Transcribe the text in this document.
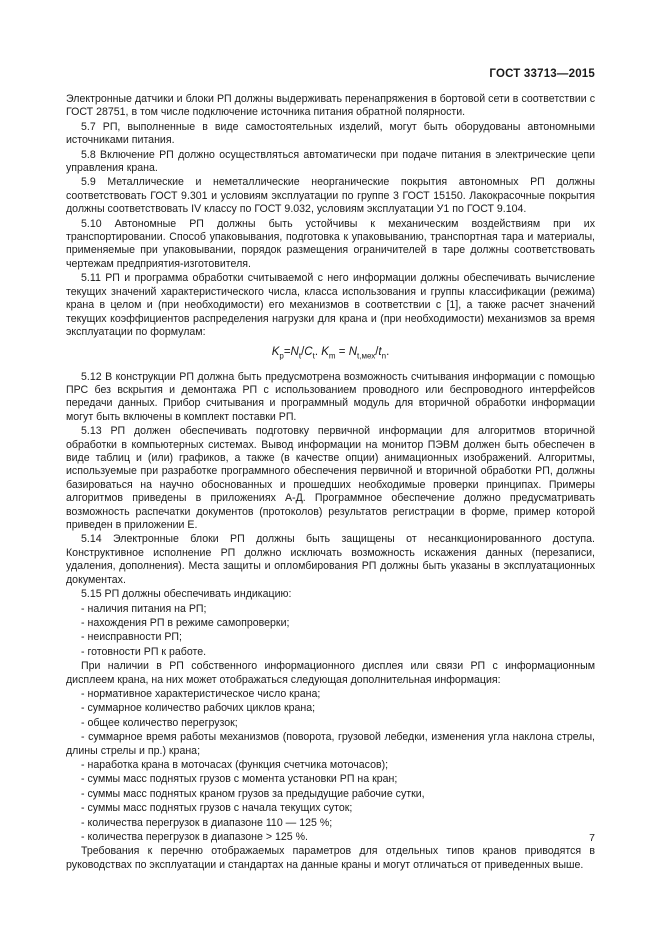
ГОСТ 33713—2015

Электронные датчики и блоки РП должны выдерживать перенапряжения в бортовой сети в соответствии с ГОСТ 28751, в том числе подключение источника питания обратной полярности.

5.7 РП, выполненные в виде самостоятельных изделий, могут быть оборудованы автономными источниками питания.

5.8 Включение РП должно осуществляться автоматически при подаче питания в электрические цепи управления крана.

5.9 Металлические и неметаллические неорганические покрытия автономных РП должны соответствовать ГОСТ 9.301 и условиям эксплуатации по группе 3 ГОСТ 15150. Лакокрасочные покрытия должны соответствовать IV классу по ГОСТ 9.032, условиям эксплуатации У1 по ГОСТ 9.104.

5.10 Автономные РП должны быть устойчивы к механическим воздействиям при их транспортировании. Способ упаковывания, подготовка к упаковыванию, транспортная тара и материалы, применяемые при упаковывании, порядок размещения ограничителей в таре должны соответствовать чертежам предприятия-изготовителя.

5.11 РП и программа обработки считываемой с него информации должны обеспечивать вычисление текущих значений характеристического числа, класса использования и группы классификации (режима) крана в целом и (при необходимости) его механизмов в соответствии с [1], а также расчет значений текущих коэффициентов распределения нагрузки для крана и (при необходимости) механизмов за время эксплуатации по формулам:

$K_p=N_t/C_t$. $K_m = N_{t,мех}/t_n$.

5.12 В конструкции РП должна быть предусмотрена возможность считывания информации с помощью ПРС без вскрытия и демонтажа РП с использованием проводного или беспроводного интерфейсов передачи данных. Прибор считывания и программный модуль для вторичной обработки информации могут быть включены в комплект поставки РП.

5.13 РП должен обеспечивать подготовку первичной информации для алгоритмов вторичной обработки в компьютерных системах. Вывод информации на монитор ПЭВМ должен быть обеспечен в виде таблиц и (или) графиков, а также (в качестве опции) анимационных изображений. Алгоритмы, используемые при разработке программного обеспечения первичной и вторичной обработки РП, должны базироваться на научно обоснованных и прошедших необходимые проверки принципах. Примеры алгоритмов приведены в приложениях А-Д. Программное обеспечение должно предусматривать возможность распечатки документов (протоколов) результатов регистрации в форме, пример которой приведен в приложении Е.

5.14 Электронные блоки РП должны быть защищены от несанкционированного доступа. Конструктивное исполнение РП должно исключать возможность искажения данных (перезаписи, удаления, дополнения). Места защиты и опломбирования РП должны быть указаны в эксплуатационных документах.

5.15 РП должны обеспечивать индикацию:

- наличия питания на РП;

- нахождения РП в режиме самопроверки;

- неисправности РП;

- готовности РП к работе.

При наличии в РП собственного информационного дисплея или связи РП с информационным дисплеем крана, на них может отображаться следующая дополнительная информация:

- нормативное характеристическое число крана;

- суммарное количество рабочих циклов крана;

- общее количество перегрузок;

- суммарное время работы механизмов (поворота, грузовой лебедки, изменения угла наклона стрелы, длины стрелы и пр.) крана;

- наработка крана в моточасах (функция счетчика моточасов);

- суммы масс поднятых грузов с момента установки РП на кран;

- суммы масс поднятых краном грузов за предыдущие рабочие сутки,

- суммы масс поднятых грузов с начала текущих суток;

- количества перегрузок в диапазоне 110 — 125 %;

- количества перегрузок в диапазоне > 125 %.

Требования к перечню отображаемых параметров для отдельных типов кранов приводятся в руководствах по эксплуатации и стандартах на данные краны и могут отличаться от приведенных выше.

7
